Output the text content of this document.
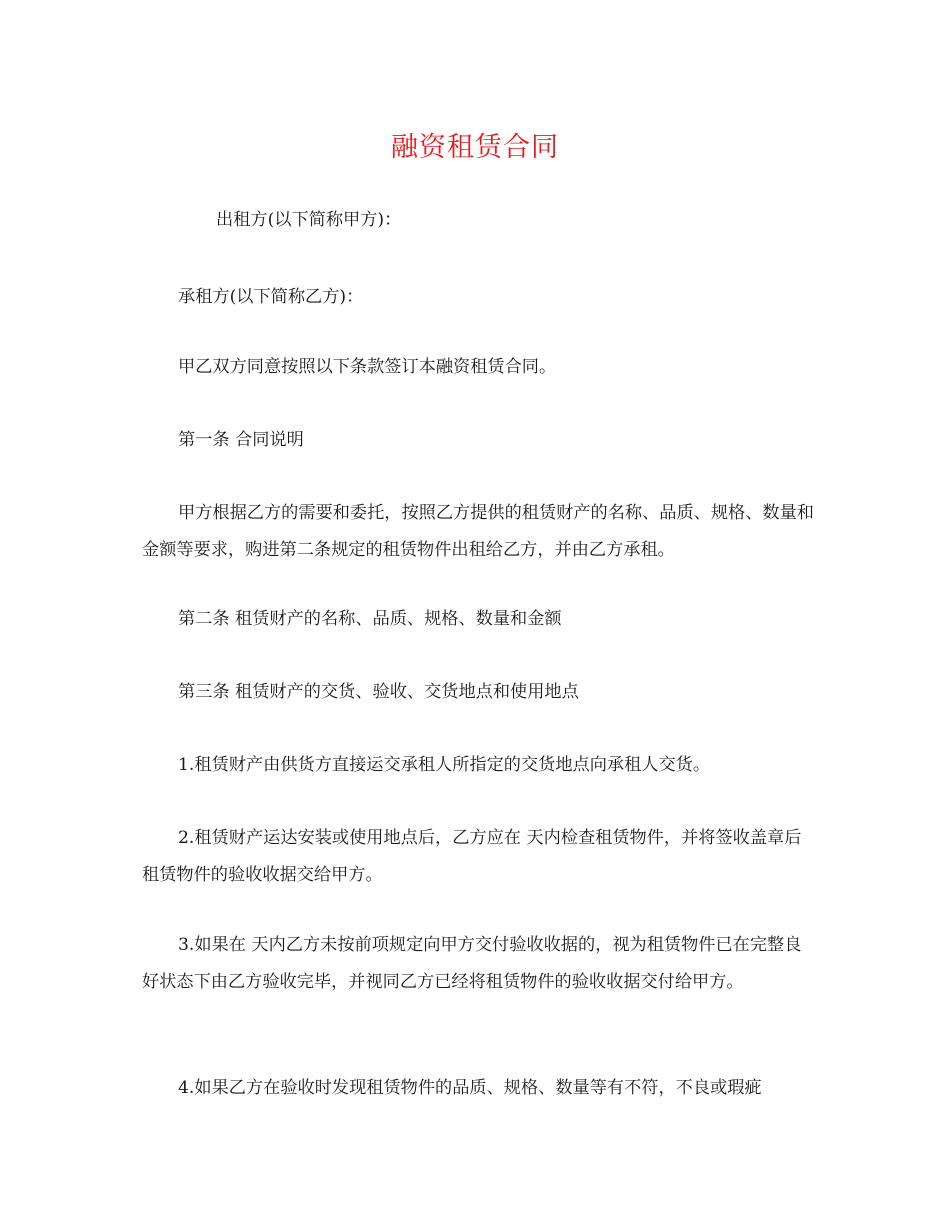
融资租赁合同

出租方(以下简称甲方)：

承租方(以下简称乙方)：

甲乙双方同意按照以下条款签订本融资租赁合同。

第一条 合同说明

甲方根据乙方的需要和委托，按照乙方提供的租赁财产的名称、品质、规格、数量和金额等要求，购进第二条规定的租赁物件出租给乙方，并由乙方承租。

第二条 租赁财产的名称、品质、规格、数量和金额

第三条 租赁财产的交货、验收、交货地点和使用地点

1.租赁财产由供货方直接运交承租人所指定的交货地点向承租人交货。

2.租赁财产运达安装或使用地点后，乙方应在 天内检查租赁物件，并将签收盖章后租赁物件的验收收据交给甲方。

3.如果在 天内乙方未按前项规定向甲方交付验收收据的，视为租赁物件已在完整良好状态下由乙方验收完毕，并视同乙方已经将租赁物件的验收收据交付给甲方。

4.如果乙方在验收时发现租赁物件的品质、规格、数量等有不符，不良或瑕疵
